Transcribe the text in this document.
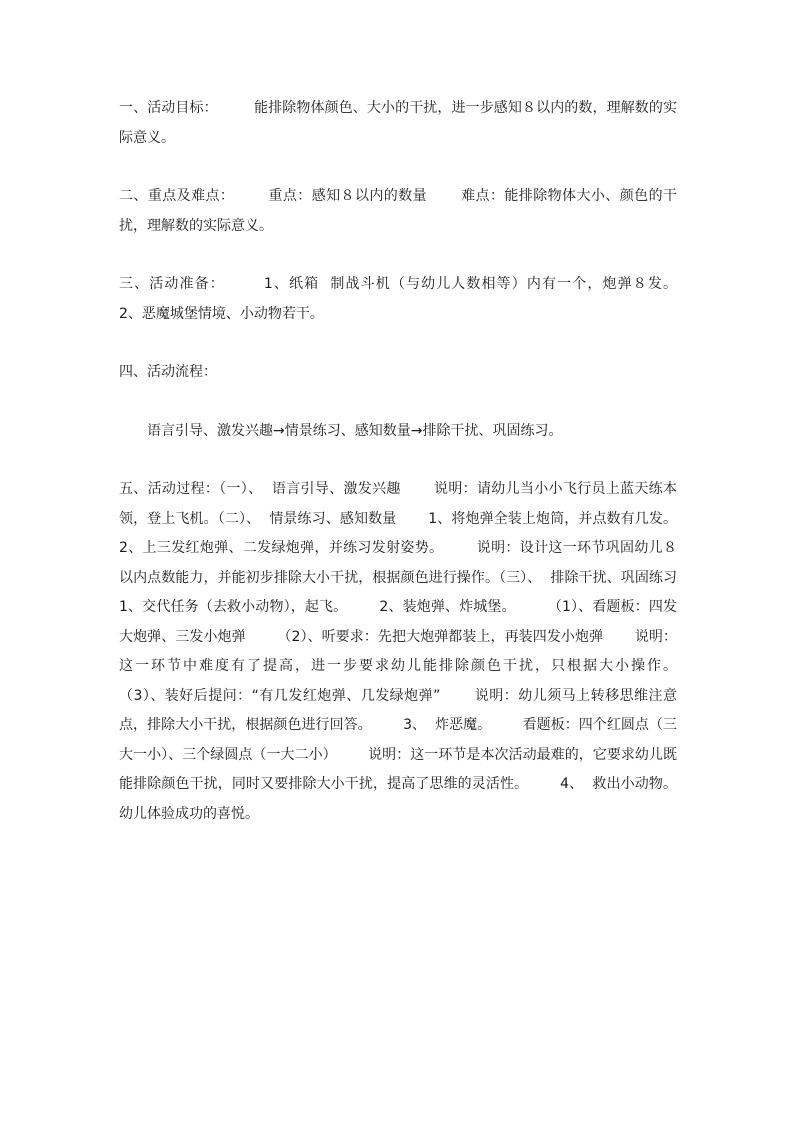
一、活动目标：        能排除物体颜色、大小的干扰，进一步感知８以内的数，理解数的实际意义。

二、重点及难点：       重点：感知８以内的数量       难点：能排除物体大小、颜色的干扰，理解数的实际意义。

三、活动准备：       1、纸箱  制战斗机（与幼儿人数相等）内有一个，炮弹８发。       2、恶魔城堡情境、小动物若干。

四、活动流程：

语言引导、激发兴趣→情景练习、感知数量→排除干扰、巩固练习。

五、活动过程：（一）、  语言引导、激发兴趣       说明：请幼儿当小小飞行员上蓝天练本领，登上飞机。（二）、  情景练习、感知数量       1、将炮弹全装上炮筒，并点数有几发。2、上三发红炮弹、二发绿炮弹，并练习发射姿势。       说明：设计这一环节巩固幼儿８以内点数能力，并能初步排除大小干扰，根据颜色进行操作。（三）、  排除干扰、巩固练习1、交代任务（去救小动物），起飞。       2、装炮弹、炸城堡。       （1）、看题板：四发大炮弹、三发小炮弹       （2）、听要求：先把大炮弹都装上，再装四发小炮弹       说明：这一环节中难度有了提高，进一步要求幼儿能排除颜色干扰，只根据大小操作。       （3）、装好后提问：“有几发红炮弹、几发绿炮弹”       说明：幼儿须马上转移思维注意点，排除大小干扰，根据颜色进行回答。       3、  炸恶魔。       看题板：四个红圆点（三大一小）、三个绿圆点（一大二小）       说明：这一环节是本次活动最难的，它要求幼儿既能排除颜色干扰，同时又要排除大小干扰，提高了思维的灵活性。       4、  救出小动物。       幼儿体验成功的喜悦。
